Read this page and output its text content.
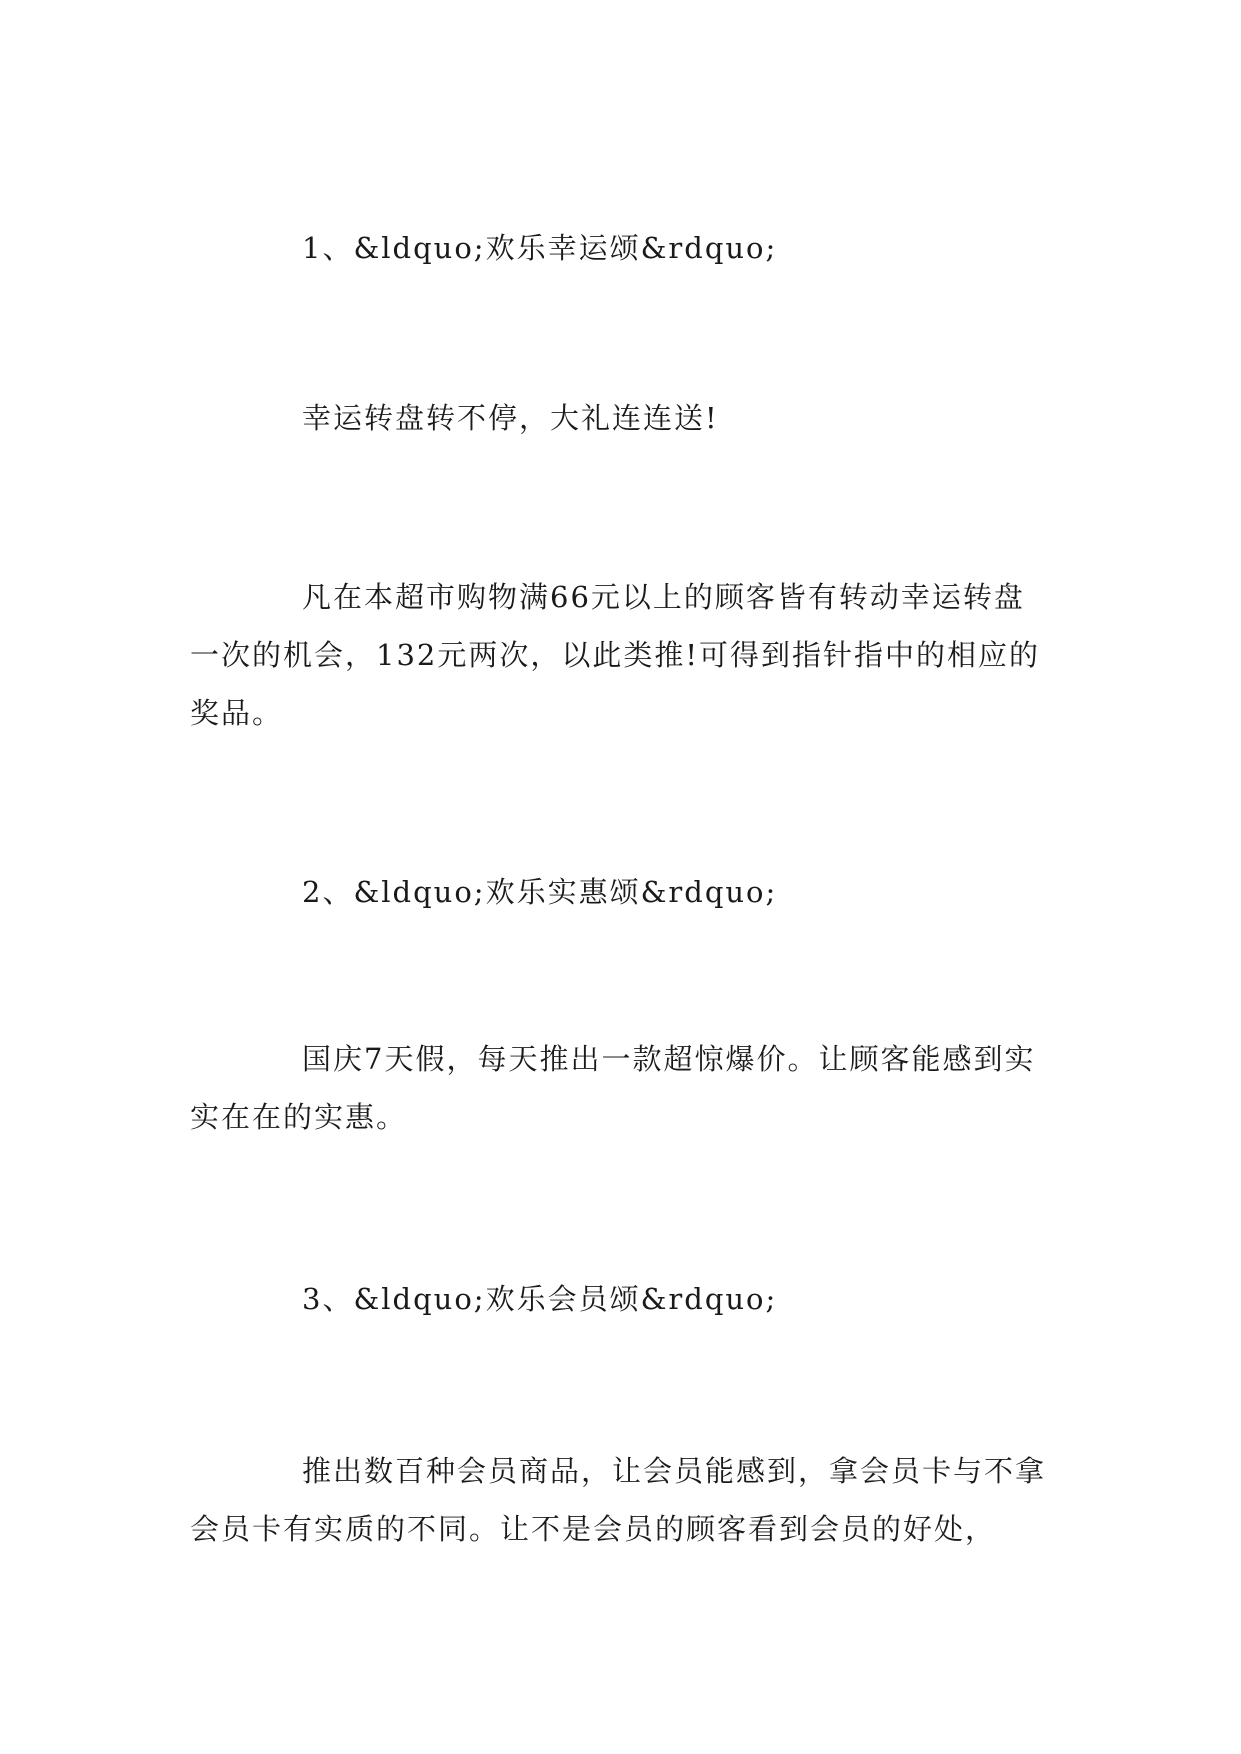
1、&ldquo;欢乐幸运颂&rdquo;

幸运转盘转不停，大礼连连送!

凡在本超市购物满66元以上的顾客皆有转动幸运转盘一次的机会，132元两次，以此类推!可得到指针指中的相应的奖品。

2、&ldquo;欢乐实惠颂&rdquo;

国庆7天假，每天推出一款超惊爆价。让顾客能感到实实在在的实惠。

3、&ldquo;欢乐会员颂&rdquo;

推出数百种会员商品，让会员能感到，拿会员卡与不拿会员卡有实质的不同。让不是会员的顾客看到会员的好处，
